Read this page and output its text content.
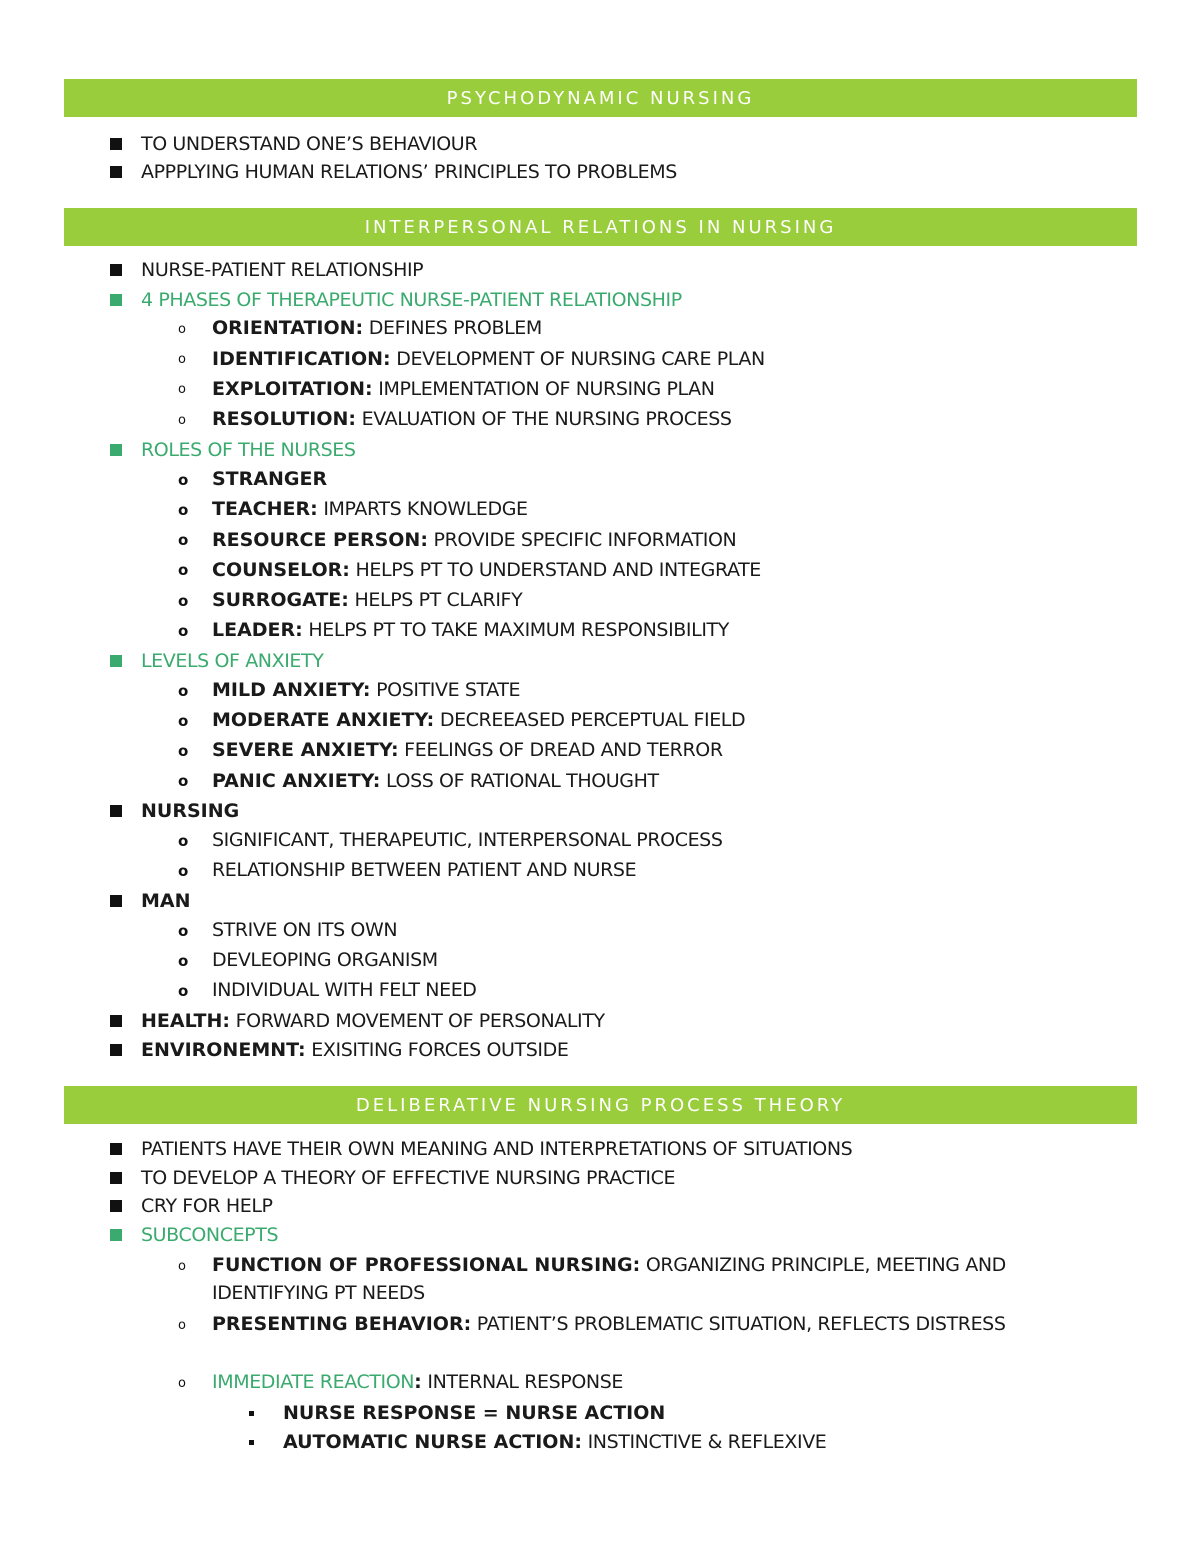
PSYCHODYNAMIC NURSING
TO UNDERSTAND ONE’S BEHAVIOUR
APPPLYING HUMAN RELATIONS’ PRINCIPLES TO PROBLEMS
INTERPERSONAL RELATIONS IN NURSING
NURSE-PATIENT RELATIONSHIP
4 PHASES OF THERAPEUTIC NURSE-PATIENT RELATIONSHIP
o ORIENTATION: DEFINES PROBLEM
o IDENTIFICATION: DEVELOPMENT OF NURSING CARE PLAN
o EXPLOITATION: IMPLEMENTATION OF NURSING PLAN
o RESOLUTION: EVALUATION OF THE NURSING PROCESS
ROLES OF THE NURSES
o STRANGER
o TEACHER: IMPARTS KNOWLEDGE
o RESOURCE PERSON: PROVIDE SPECIFIC INFORMATION
o COUNSELOR: HELPS PT TO UNDERSTAND AND INTEGRATE
o SURROGATE: HELPS PT CLARIFY
o LEADER: HELPS PT TO TAKE MAXIMUM RESPONSIBILITY
LEVELS OF ANXIETY
o MILD ANXIETY: POSITIVE STATE
o MODERATE ANXIETY: DECREEASED PERCEPTUAL FIELD
o SEVERE ANXIETY: FEELINGS OF DREAD AND TERROR
o PANIC ANXIETY: LOSS OF RATIONAL THOUGHT
NURSING
o SIGNIFICANT, THERAPEUTIC, INTERPERSONAL PROCESS
o RELATIONSHIP BETWEEN PATIENT AND NURSE
MAN
o STRIVE ON ITS OWN
o DEVLEOPING ORGANISM
o INDIVIDUAL WITH FELT NEED
HEALTH: FORWARD MOVEMENT OF PERSONALITY
ENVIRONEMNT: EXISITING FORCES OUTSIDE
DELIBERATIVE NURSING PROCESS THEORY
PATIENTS HAVE THEIR OWN MEANING AND INTERPRETATIONS OF SITUATIONS
TO DEVELOP A THEORY OF EFFECTIVE NURSING PRACTICE
CRY FOR HELP
SUBCONCEPTS
o FUNCTION OF PROFESSIONAL NURSING: ORGANIZING PRINCIPLE, MEETING AND IDENTIFYING PT NEEDS
o PRESENTING BEHAVIOR: PATIENT’S PROBLEMATIC SITUATION, REFLECTS DISTRESS
o IMMEDIATE REACTION: INTERNAL RESPONSE
NURSE RESPONSE = NURSE ACTION
AUTOMATIC NURSE ACTION: INSTINCTIVE & REFLEXIVE
